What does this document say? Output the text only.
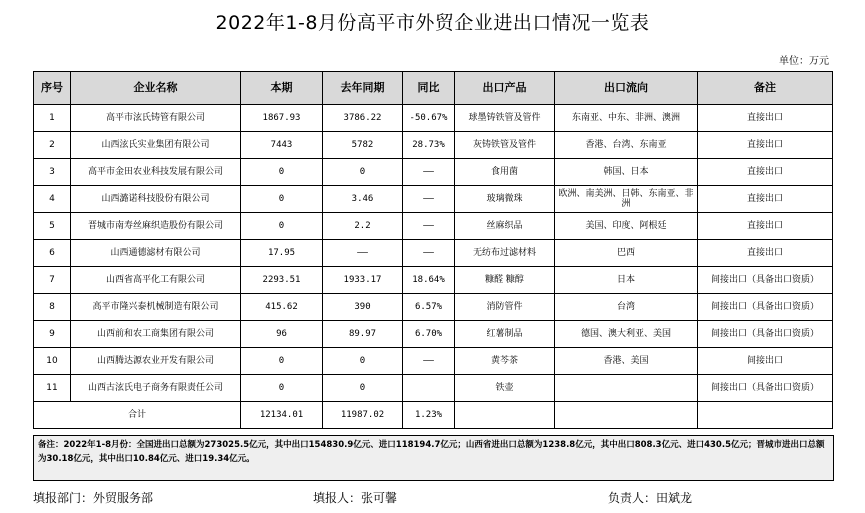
2022年1-8月份高平市外贸企业进出口情况一览表
单位：万元
序号	企业名称	本期	去年同期	同比	出口产品	出口流向	备注
1	高平市泫氏铸管有限公司	1867.93	3786.22	-50.67%	球墨铸铁管及管件	东南亚、中东、非洲、澳洲	直接出口
2	山西泫氏实业集团有限公司	7443	5782	28.73%	灰铸铁管及管件	香港、台湾、东南亚	直接出口
3	高平市金田农业科技发展有限公司	0	0	——	食用菌	韩国、日本	直接出口
4	山西潞诺科技股份有限公司	0	3.46	——	玻璃微珠	欧洲、南美洲、日韩、东南亚、非洲	直接出口
5	晋城市南寿丝麻织造股份有限公司	0	2.2	——	丝麻织品	美国、印度、阿根廷	直接出口
6	山西通德滤材有限公司	17.95	——	——	无纺布过滤材料	巴西	直接出口
7	山西省高平化工有限公司	2293.51	1933.17	18.64%	糠醛 糠醇	日本	间接出口（具备出口资质）
8	高平市隆兴泰机械制造有限公司	415.62	390	6.57%	消防管件	台湾	间接出口（具备出口资质）
9	山西前和农工商集团有限公司	96	89.97	6.70%	红薯制品	德国、澳大利亚、美国	间接出口（具备出口资质）
10	山西腾达源农业开发有限公司	0	0	——	黄芩茶	香港、美国	间接出口
11	山西古泫氏电子商务有限责任公司	0	0		铁壶		间接出口（具备出口资质）
合计		12134.01	11987.02	1.23%			
备注：2022年1-8月份：全国进出口总额为273025.5亿元，其中出口154830.9亿元、进口118194.7亿元；山西省进出口总额为1238.8亿元，其中出口808.3亿元、进口430.5亿元；晋城市进出口总额为30.18亿元，其中出口10.84亿元、进口19.34亿元。
填报部门：外贸服务部	填报人：张可馨	负责人：田斌龙
